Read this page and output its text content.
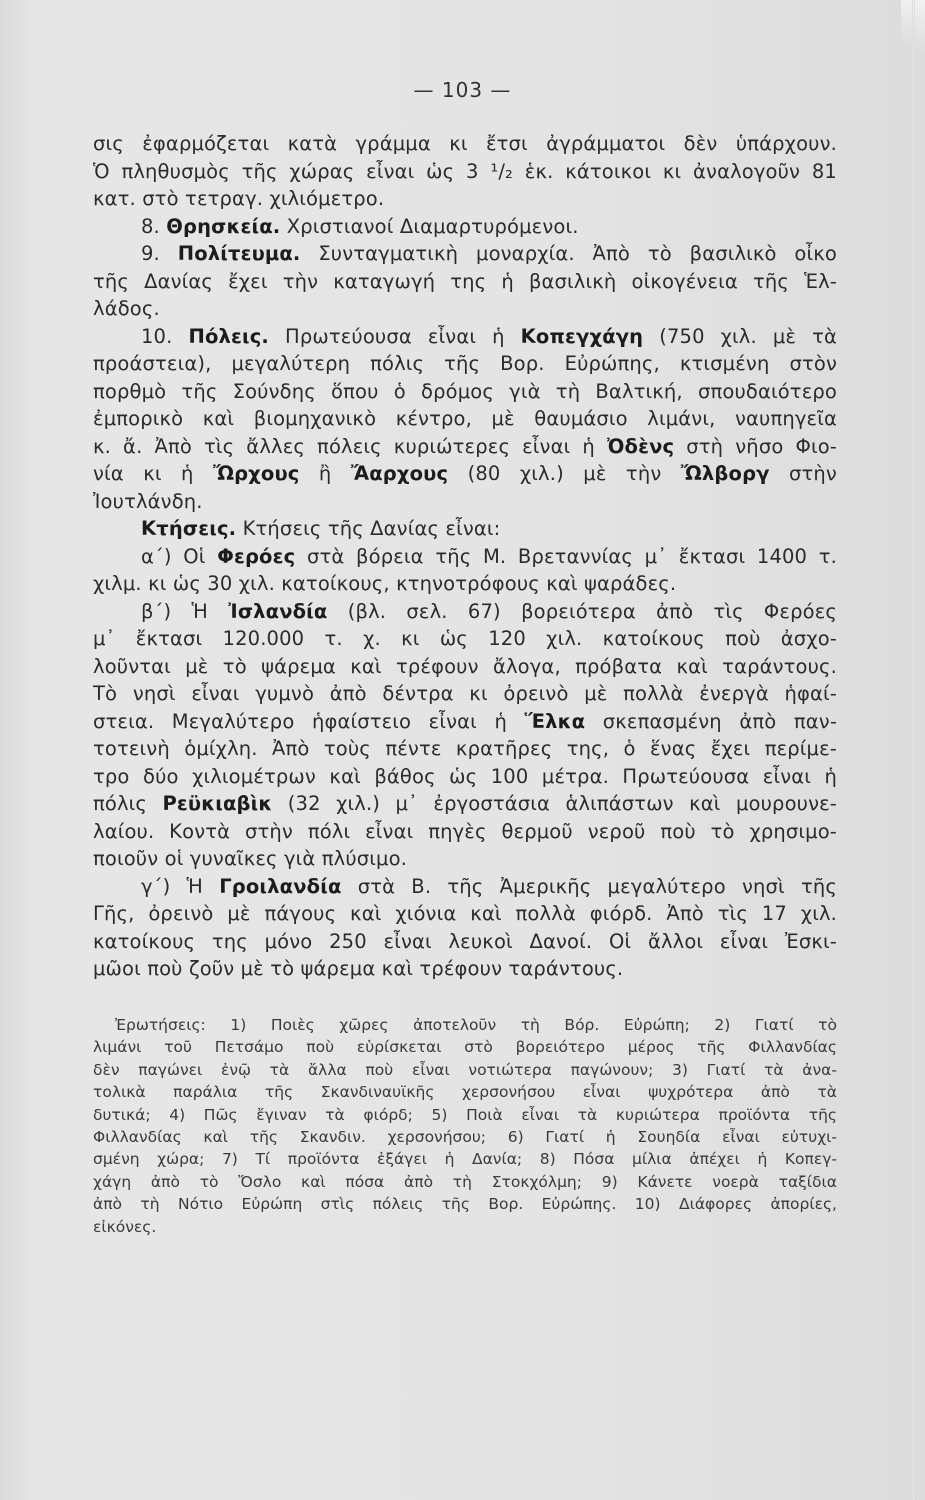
— 103 —
σις ἐφαρμόζεται κατὰ γράμμα κι ἔτσι ἀγράμματοι δὲν ὑπάρχουν.
Ὁ πληθυσμὸς τῆς χώρας εἶναι ὡς 3 ¹/₂ ἑκ. κάτοικοι κι ἀναλογοῦν 81
κατ. στὸ τετραγ. χιλιόμετρο.
8. Θρησκεία. Χριστιανοί Διαμαρτυρόμενοι.
9. Πολίτευμα. Συνταγματικὴ μοναρχία. Ἀπὸ τὸ βασιλικὸ οἶκο
τῆς Δανίας ἔχει τὴν καταγωγή της ἡ βασιλικὴ οἰκογένεια τῆς Ἑλ-
λάδος.
10. Πόλεις. Πρωτεύουσα εἶναι ἡ Κοπεγχάγη (750 χιλ. μὲ τὰ
προάστεια), μεγαλύτερη πόλις τῆς Βορ. Εὐρώπης, κτισμένη στὸν
πορθμὸ τῆς Σούνδης ὅπου ὁ δρόμος γιὰ τὴ Βαλτική, σπουδαιότερο
ἐμπορικὸ καὶ βιομηχανικὸ κέντρο, μὲ θαυμάσιο λιμάνι, ναυπηγεῖα
κ. ἄ. Ἀπὸ τὶς ἄλλες πόλεις κυριώτερες εἶναι ἡ Ὀδὲνς στὴ νῆσο Φιο-
νία κι ἡ Ὤρχους ἢ Ἄαρχους (80 χιλ.) μὲ τὴν Ὤλβοργ στὴν
Ἰουτλάνδη.
Κτήσεις. Κτήσεις τῆς Δανίας εἶναι:
α΄) Οἱ Φερόες στὰ βόρεια τῆς Μ. Βρεταννίας μ᾽ ἔκτασι 1400 τ.
χιλμ. κι ὡς 30 χιλ. κατοίκους, κτηνοτρόφους καὶ ψαράδες.
β΄) Ἡ Ἰσλανδία (βλ. σελ. 67) βορειότερα ἀπὸ τὶς Φερόες
μ᾽ ἔκτασι 120.000 τ. χ. κι ὡς 120 χιλ. κατοίκους ποὺ ἀσχο-
λοῦνται μὲ τὸ ψάρεμα καὶ τρέφουν ἄλογα, πρόβατα καὶ ταράντους.
Τὸ νησὶ εἶναι γυμνὸ ἀπὸ δέντρα κι ὀρεινὸ μὲ πολλὰ ἐνεργὰ ἡφαί-
στεια. Μεγαλύτερο ἡφαίστειο εἶναι ἡ Ἕλκα σκεπασμένη ἀπὸ παν-
τοτεινὴ ὁμίχλη. Ἀπὸ τοὺς πέντε κρατῆρες της, ὁ ἕνας ἔχει περίμε-
τρο δύο χιλιομέτρων καὶ βάθος ὡς 100 μέτρα. Πρωτεύουσα εἶναι ἡ
πόλις Ρεϋκιαβὶκ (32 χιλ.) μ᾽ ἐργοστάσια ἁλιπάστων καὶ μουρουνε-
λαίου. Κοντὰ στὴν πόλι εἶναι πηγὲς θερμοῦ νεροῦ ποὺ τὸ χρησιμο-
ποιοῦν οἱ γυναῖκες γιὰ πλύσιμο.
γ΄) Ἡ Γροιλανδία στὰ Β. τῆς Ἀμερικῆς μεγαλύτερο νησὶ τῆς
Γῆς, ὀρεινὸ μὲ πάγους καὶ χιόνια καὶ πολλὰ φιόρδ. Ἀπὸ τὶς 17 χιλ.
κατοίκους της μόνο 250 εἶναι λευκοὶ Δανοί. Οἱ ἄλλοι εἶναι Ἐσκι-
μῶοι ποὺ ζοῦν μὲ τὸ ψάρεμα καὶ τρέφουν ταράντους.
Ἐρωτήσεις: 1) Ποιὲς χῶρες ἀποτελοῦν τὴ Βόρ. Εὐρώπη; 2) Γιατί τὸ
λιμάνι τοῦ Πετσάμο ποὺ εὑρίσκεται στὸ βορειότερο μέρος τῆς Φιλλανδίας
δὲν παγώνει ἐνῷ τὰ ἄλλα ποὺ εἶναι νοτιώτερα παγώνουν; 3) Γιατί τὰ ἀνα-
τολικὰ παράλια τῆς Σκανδιναυϊκῆς χερσονήσου εἶναι ψυχρότερα ἀπὸ τὰ
δυτικά; 4) Πῶς ἔγιναν τὰ φιόρδ; 5) Ποιὰ εἶναι τὰ κυριώτερα προϊόντα τῆς
Φιλλανδίας καὶ τῆς Σκανδιν. χερσονήσου; 6) Γιατί ἡ Σουηδία εἶναι εὐτυχι-
σμένη χώρα; 7) Τί προϊόντα ἐξάγει ἡ Δανία; 8) Πόσα μίλια ἀπέχει ἡ Κοπεγ-
χάγη ἀπὸ τὸ Ὄσλο καὶ πόσα ἀπὸ τὴ Στοκχόλμη; 9) Κάνετε νοερὰ ταξίδια
ἀπὸ τὴ Νότιο Εὐρώπη στὶς πόλεις τῆς Βορ. Εὐρώπης. 10) Διάφορες ἀπορίες,
εἰκόνες.
